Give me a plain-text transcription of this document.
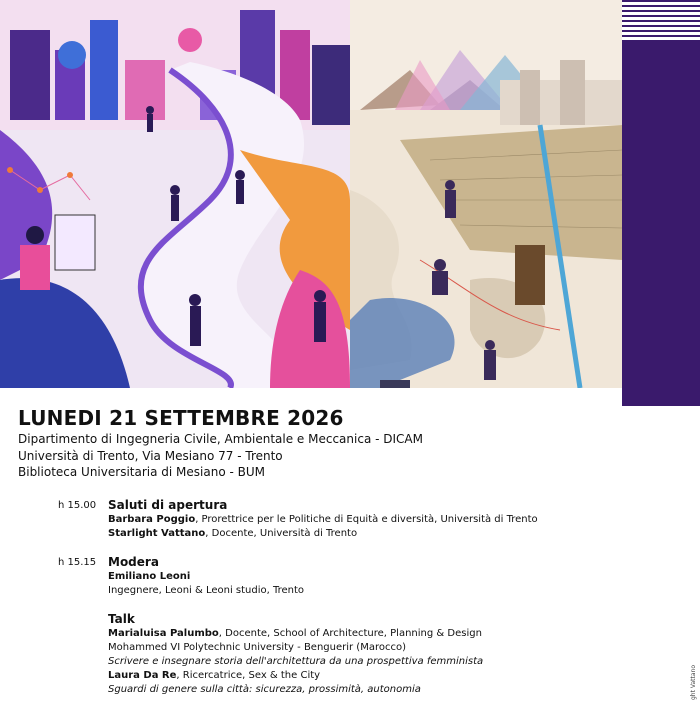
ght Vattano
LUNEDI 21 SETTEMBRE 2026
Dipartimento di Ingegneria Civile, Ambientale e Meccanica - DICAM
Università di Trento, Via Mesiano 77 - Trento
Biblioteca Universitaria di Mesiano - BUM
h 15.00 Saluti di apertura
Barbara Poggio, Prorettrice per le Politiche di Equità e diversità, Università di Trento
Starlight Vattano, Docente, Università di Trento
h 15.15 Modera
Emiliano Leoni
Ingegnere, Leoni & Leoni studio, Trento
Talk
Marialuisa Palumbo, Docente, School of Architecture, Planning & Design
Mohammed VI Polytechnic University - Benguerir (Marocco)
Scrivere e insegnare storia dell'architettura da una prospettiva femminista
Laura Da Re, Ricercatrice, Sex & the City
Sguardi di genere sulla città: sicurezza, prossimità, autonomia
